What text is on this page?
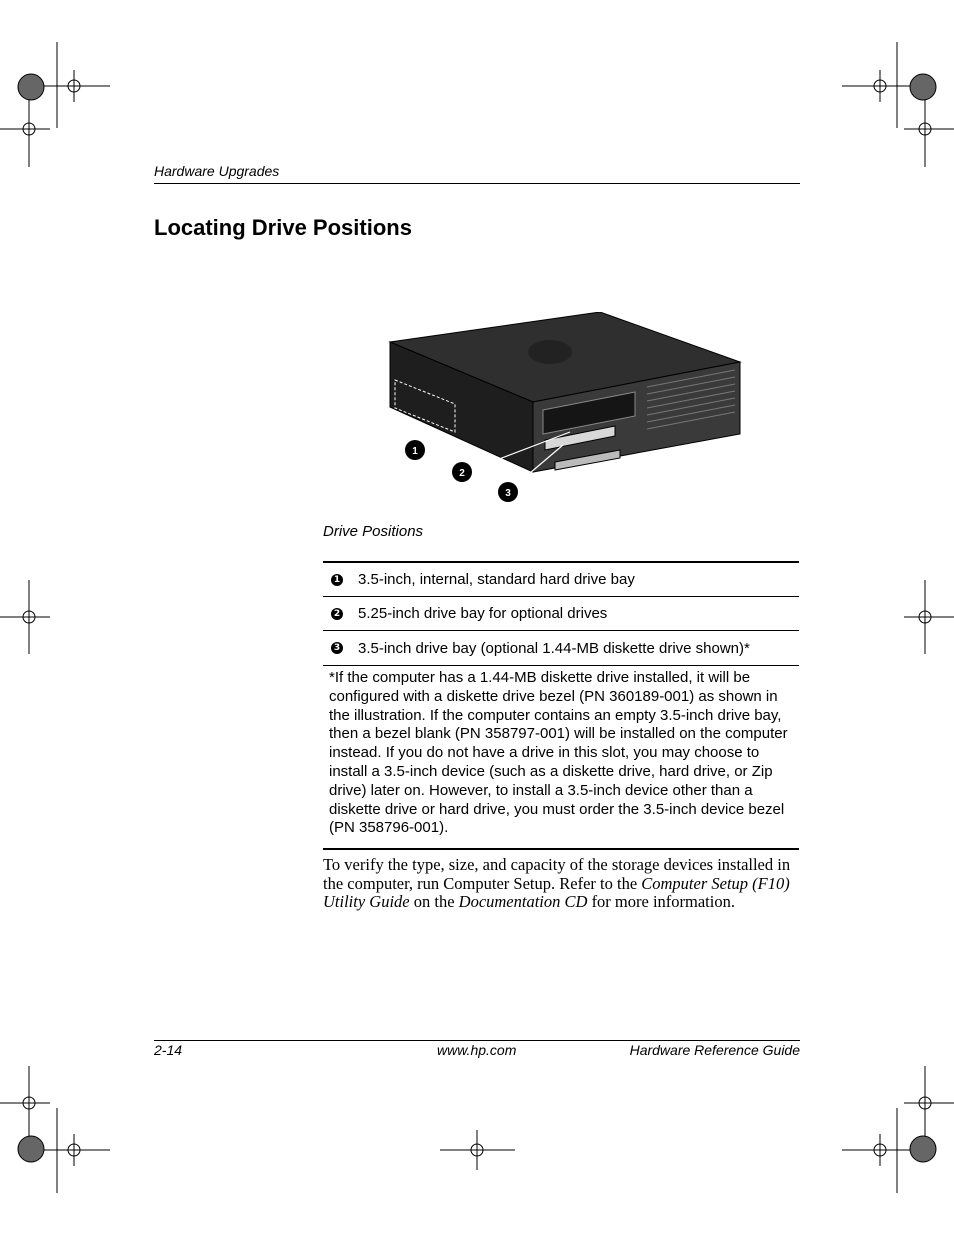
Hardware Upgrades
Locating Drive Positions
1
2
3
Drive Positions
1 3.5-inch, internal, standard hard drive bay
2 5.25-inch drive bay for optional drives
3 3.5-inch drive bay (optional 1.44-MB diskette drive shown)*
*If the computer has a 1.44-MB diskette drive installed, it will be configured with a diskette drive bezel (PN 360189-001) as shown in the illustration. If the computer contains an empty 3.5-inch drive bay, then a bezel blank (PN 358797-001) will be installed on the computer instead. If you do not have a drive in this slot, you may choose to install a 3.5-inch device (such as a diskette drive, hard drive, or Zip drive) later on. However, to install a 3.5-inch device other than a diskette drive or hard drive, you must order the 3.5-inch device bezel (PN 358796-001).
To verify the type, size, and capacity of the storage devices installed in the computer, run Computer Setup. Refer to the Computer Setup (F10) Utility Guide on the Documentation CD for more information.
2-14	www.hp.com	Hardware Reference Guide
